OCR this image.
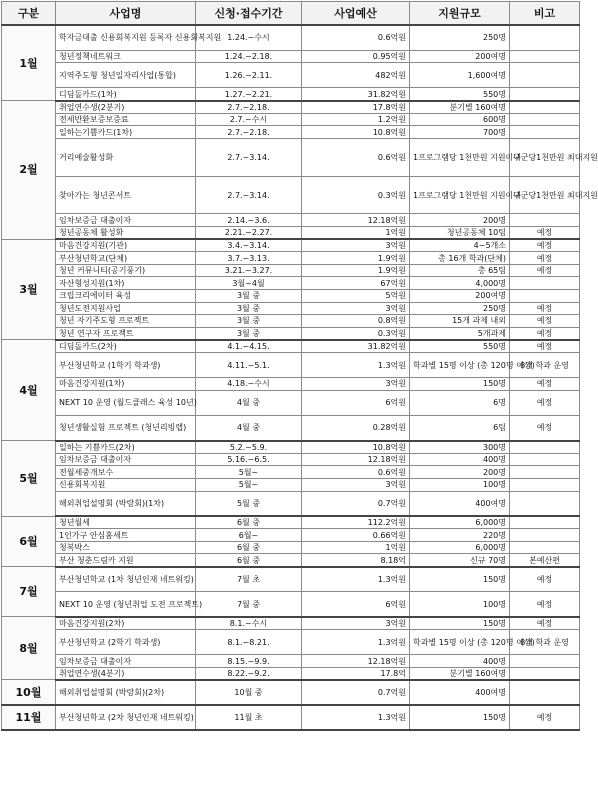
구분	사업명	신청·접수기간	사업예산	지원규모	비고
1월	학자금대출 신용회복지원 등록자 신용회복지원	1.24.~수시	0.6억원	250명	
	청년정책네트워크	1.24.~2.18.	0.95억원	200여명	
	지역주도형 청년일자리사업(통합)	1.26.~2.11.	482억원	1,600여명	
	디딤돌카드(1차)	1.27.~2.21.	31.82억원	550명	
2월	취업연수생(2분기)	2.7.~2.18.	17.8억원	분기별 160여명	
	전세반환보증보증료	2.7.~수시	1.2억원	600명	
	일하는기쁨카드(1차)	2.7.~2.18.	10.8억원	700명	
	거리예술활성화	2.7.~3.14.	0.6억원	1프로그램당 1천만원 지원이내	구군당1천만원 최대지원
	찾아가는 청년콘서트	2.7.~3.14.	0.3억원	1프로그램당 1천만원 지원이내	구군당1천만원 최대지원
	임차보증금 대출이자	2.14.~3.6.	12.18억원	200명	
	청년공동체 활성화	2.21.~2.27.	1억원	청년공동체 10팀	예정
3월	마음건강지원(기관)	3.4.~3.14.	3억원	4~5개소	예정
	부산청년학교(단체)	3.7.~3.13.	1.9억원	총 16개 학과(단체)	예정
	청년 커뮤니티(공기풍기)	3.21.~3.27.	1.9억원	총 65팀	예정
	자산형성지원(1차)	3월~4월	67억원	4,000명	
	크립크리에이터 육성	3월 중	5억원	200여명	
	청년도전지원사업	3월 중	3억원	250명	예정
	청년 자기주도형 프로젝트	3월 중	0.8억원	15개 과제 내외	예정
	청년 연구자 프로젝트	3월 중	0.3억원	5개과제	예정
4월	디딤돌카드(2차)	4.1.~4.15.	31.82억원	550명	예정
	부산청년학교 (1학기 학과생)	4.11.~5.1.	1.3억원	학과별 15명 이상 (총 120명 이상)	8개 학과 운영
	마음건강지원(1차)	4.18.~수시	3억원	150명	예정
	NEXT 10 운영 (월드클래스 육성 10년)	4월 중	6억원	6명	예정
	청년생활실험 프로젝트 (청년리빙랩)	4월 중	0.28억원	6팀	예정
5월	일하는 기쁨카드(2차)	5.2.~5.9.	10.8억원	300명	
	임차보증금 대출이자	5.16.~6.5.	12.18억원	400명	
	전월세중개보수	5월~	0.6억원	200명	
	신용회복지원	5월~	3억원	100명	
	해외취업설명회 (박람회)(1차)	5월 중	0.7억원	400여명	
6월	청년월세	6월 중	112.2억원	6,000명	
	1인가구 안심홈세트	6월~	0.66억원	220명	
	청복박스	6월 중	1억원	6,000명	
	부산 청춘드림카 지원	6월 중	8.18억	신규 70명	본예산편
7월	부산청년학교 (1차 청년인재 네트워킹)	7월 초	1.3억원	150명	예정
	NEXT 10 운영 (청년취업 도전 프로젝트)	7월 중	6억원	100명	예정
8월	마음건강지원(2차)	8.1.~수시	3억원	150명	예정
	부산청년학교 (2학기 학과생)	8.1.~8.21.	1.3억원	학과별 15명 이상 (총 120명 이상)	8개 학과 운영
	임차보증금 대출이자	8.15.~9.9.	12.18억원	400명	
	취업연수생(4분기)	8.22.~9.2.	17.8억	분기별 160여명	
10월	해외취업설명회 (박람회)(2차)	10월 중	0.7억원	400여명	
11월	부산청년학교 (2차 청년인재 네트워킹)	11월 초	1.3억원	150명	예정
